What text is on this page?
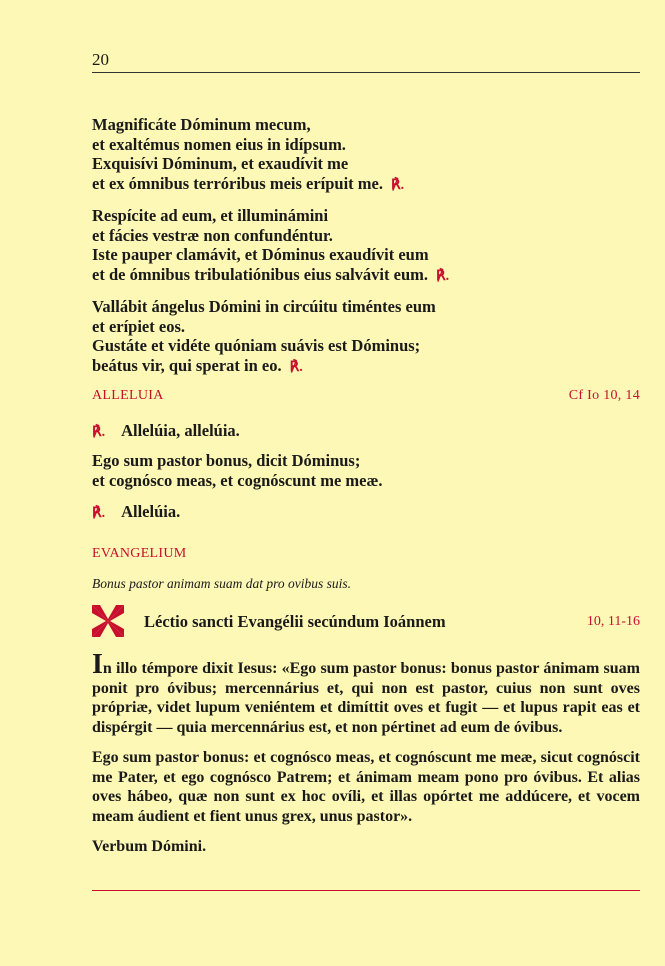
20
Magnificáte Dóminum mecum,
et exaltémus nomen eius in idípsum.
Exquisívi Dóminum, et exaudívit me
et ex ómnibus terróribus meis erípuit me. ℟.
Respícite ad eum, et illuminámini
et fácies vestræ non confundéntur.
Iste pauper clamávit, et Dóminus exaudívit eum
et de ómnibus tribulatiónibus eius salvávit eum. ℟.
Vallábit ángelus Dómini in circúitu timéntes eum
et erípiet eos.
Gustáte et vidéte quóniam suávis est Dóminus;
beátus vir, qui sperat in eo. ℟.
ALLELUIA	Cf Io 10, 14
℟. Allelúia, allelúia.
Ego sum pastor bonus, dicit Dóminus;
et cognósco meas, et cognóscunt me meæ.
℟. Allelúia.
EVANGELIUM
Bonus pastor animam suam dat pro ovibus suis.
Léctio sancti Evangélii secúndum Ioánnem	10, 11-16

In illo témpore dixit Iesus: «Ego sum pastor bonus: bonus pastor ánimam suam ponit pro óvibus; mercennárius et, qui non est pastor, cuius non sunt oves própriæ, videt lupum veniéntem et dimíttit oves et fugit — et lupus rapit eas et dispérgit — quia mercennárius est, et non pértinet ad eum de óvibus.

Ego sum pastor bonus: et cognósco meas, et cognóscunt me meæ, sicut cognóscit me Pater, et ego cognósco Patrem; et ánimam meam pono pro óvibus. Et alias oves hábeo, quæ non sunt ex hoc ovíli, et illas opórtet me addúcere, et vocem meam áudient et fient unus grex, unus pastor».

Verbum Dómini.
